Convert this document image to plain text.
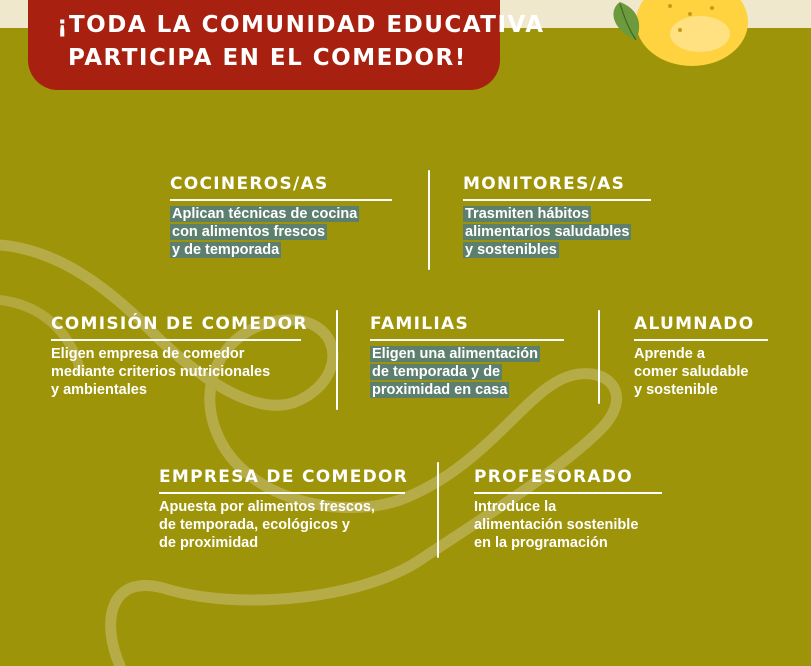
¡TODA LA COMUNIDAD EDUCATIVA
PARTICIPA EN EL COMEDOR!
COCINEROS/AS

Aplican técnicas de cocina
con alimentos frescos
y de temporada

MONITORES/AS

Trasmiten hábitos
alimentarios saludables
y sostenibles

COMISIÓN DE COMEDOR

Eligen empresa de comedor
mediante criterios nutricionales
y ambientales

FAMILIAS

Eligen una alimentación
de temporada y de
proximidad en casa

ALUMNADO

Aprende a
comer saludable
y sostenible

EMPRESA DE COMEDOR

Apuesta por alimentos frescos,
de temporada, ecológicos y
de proximidad

PROFESORADO

Introduce la
alimentación sostenible
en la programación
